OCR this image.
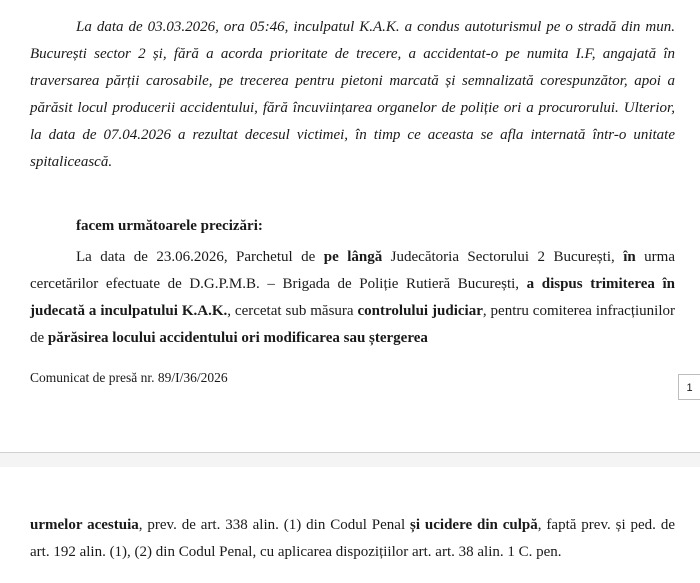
La data de 03.03.2026, ora 05:46, inculpatul K.A.K. a condus autoturismul pe o stradă din mun. București sector 2 și, fără a acorda prioritate de trecere, a accidentat-o pe numita I.F, angajată în traversarea părții carosabile, pe trecerea pentru pietoni marcată și semnalizată corespunzător, apoi a părăsit locul producerii accidentului, fără încuviințarea organelor de poliție ori a procurorului. Ulterior, la data de 07.04.2026 a rezultat decesul victimei, în timp ce aceasta se afla internată într-o unitate spitalicească.

facem următoarele precizări:

La data de 23.06.2026, Parchetul de pe lângă Judecătoria Sectorului 2 București, în urma cercetărilor efectuate de D.G.P.M.B. – Brigada de Poliție Rutieră București, a dispus trimiterea în judecată a inculpatului K.A.K., cercetat sub măsura controlului judiciar, pentru comiterea infracțiunilor de părăsirea locului accidentului ori modificarea sau ștergerea

Comunicat de presă nr. 89/I/36/2026

1

urmelor acestuia, prev. de art. 338 alin. (1) din Codul Penal și ucidere din culpă, faptă prev. și ped. de art. 192 alin. (1), (2) din Codul Penal, cu aplicarea dispozițiilor art. art. 38 alin. 1 C. pen.
